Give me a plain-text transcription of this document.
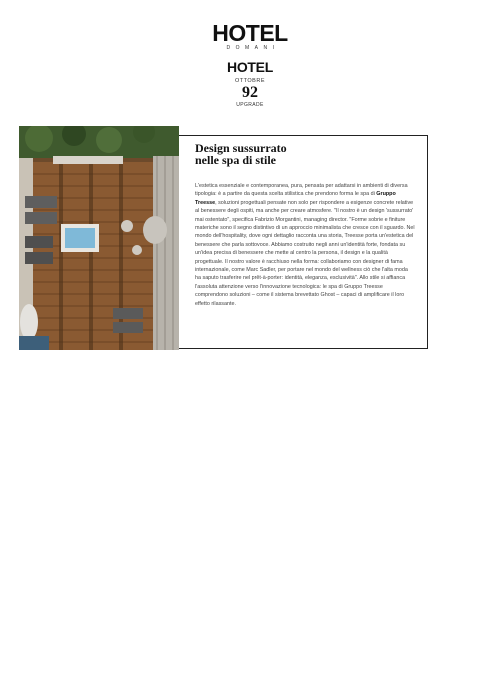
HOTEL
DOMANI
HOTEL
OTTOBRE
92
UPGRADE
Design sussurrato
nelle spa di stile

L'estetica essenziale e contemporanea, pura, pensata per adattarsi in ambienti di diversa tipologia: è a partire da questa scelta stilistica che prendono forma le spa di Gruppo Treesse, soluzioni progettuali pensate non solo per rispondere a esigenze concrete relative al benessere degli ospiti, ma anche per creare atmosfere. "Il nostro è un design 'sussurrato' mai ostentato", specifica Fabrizio Morgantini, managing director. "Forme sobrie e finiture materiche sono il segno distintivo di un approccio minimalista che cresce con il sguardo. Nel mondo dell'hospitality, dove ogni dettaglio racconta una storia, Treesse porta un'estetica del benessere che parla sottovoce. Abbiamo costruito negli anni un'identità forte, fondata su un'idea precisa di benessere che mette al centro la persona, il design e la qualità progettuale. Il nostro valore è racchiuso nella forma: collaboriamo con designer di fama internazionale, come Marc Sadler, per portare nel mondo del wellness ciò che l'alta moda ha saputo trasferire nel prêt-à-porter: identità, eleganza, esclusività". Allo stile si affianca l'assoluta attenzione verso l'innovazione tecnologica: le spa di Gruppo Treesse comprendono soluzioni – come il sistema brevettato Ghost – capaci di amplificare il loro effetto rilassante.
